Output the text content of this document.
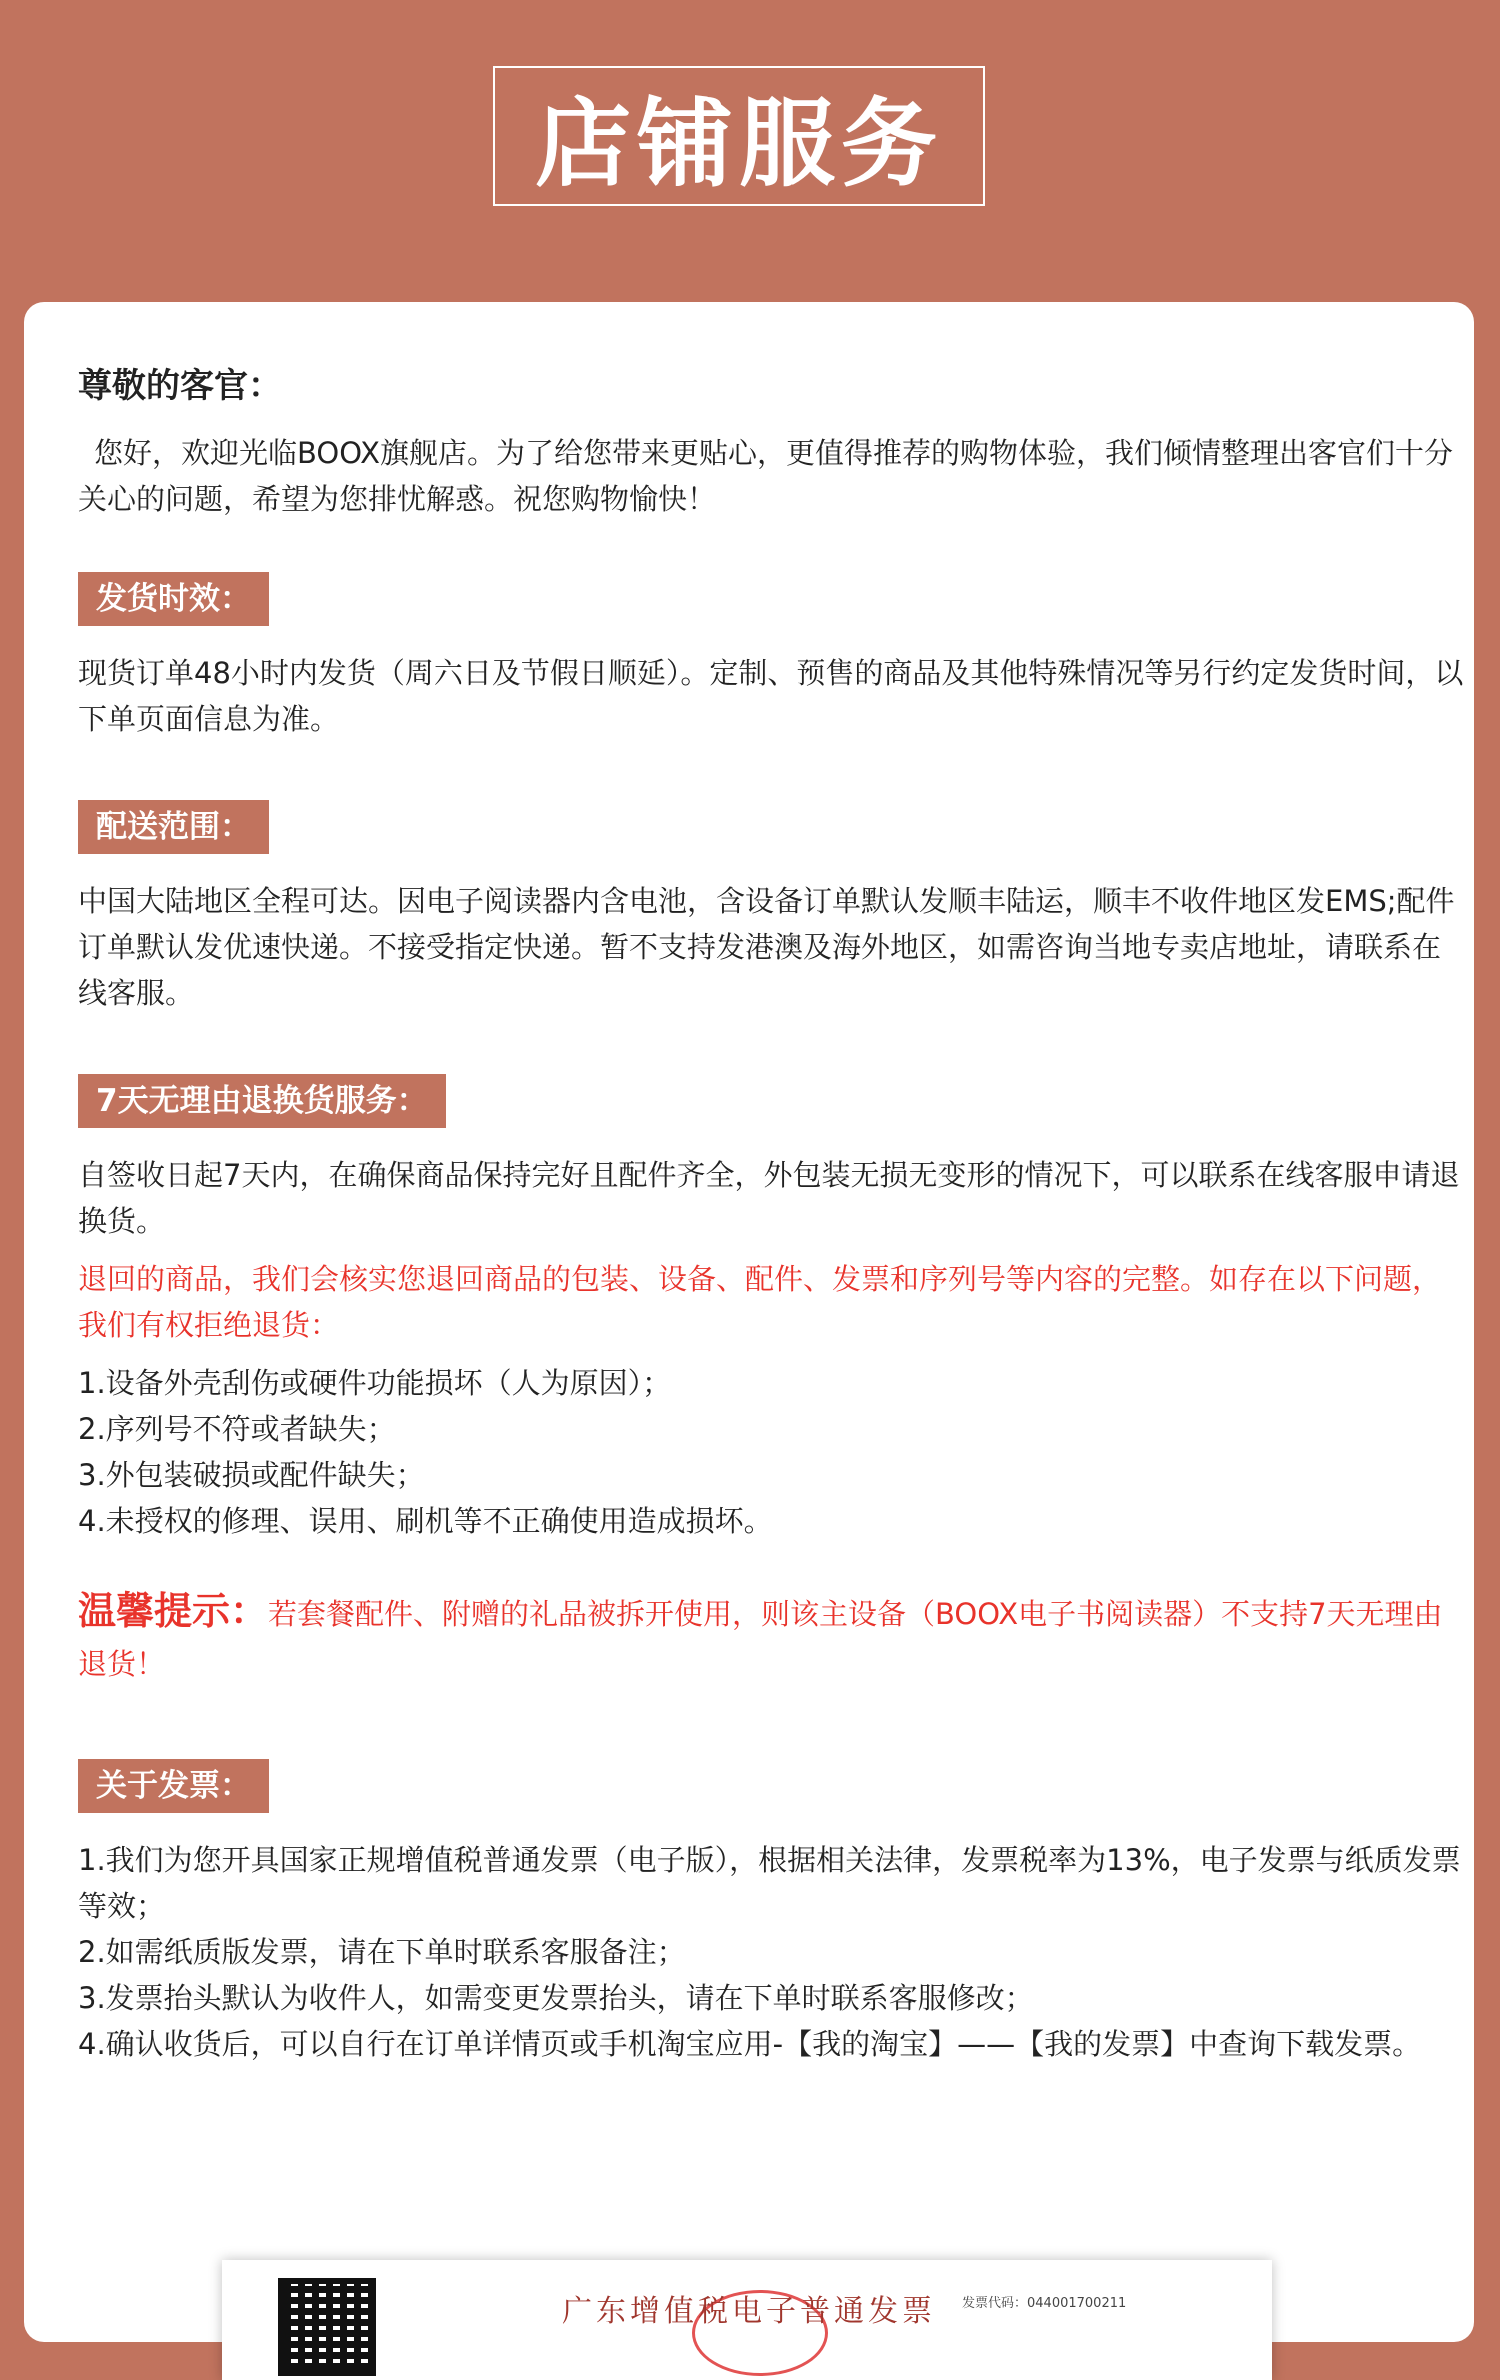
店铺服务

尊敬的客官：

您好，欢迎光临BOOX旗舰店。为了给您带来更贴心，更值得推荐的购物体验，我们倾情整理出客官们十分关心的问题，希望为您排忧解惑。祝您购物愉快！

发货时效：

现货订单48小时内发货（周六日及节假日顺延）。定制、预售的商品及其他特殊情况等另行约定发货时间，以下单页面信息为准。

配送范围：

中国大陆地区全程可达。因电子阅读器内含电池，含设备订单默认发顺丰陆运，顺丰不收件地区发EMS;配件订单默认发优速快递。不接受指定快递。暂不支持发港澳及海外地区，如需咨询当地专卖店地址，请联系在线客服。

7天无理由退换货服务：

自签收日起7天内，在确保商品保持完好且配件齐全，外包装无损无变形的情况下，可以联系在线客服申请退换货。

退回的商品，我们会核实您退回商品的包装、设备、配件、发票和序列号等内容的完整。如存在以下问题，我们有权拒绝退货：

1.设备外壳刮伤或硬件功能损坏（人为原因）；

2.序列号不符或者缺失；

3.外包装破损或配件缺失；

4.未授权的修理、误用、刷机等不正确使用造成损坏。

温馨提示：若套餐配件、附赠的礼品被拆开使用，则该主设备（BOOX电子书阅读器）不支持7天无理由退货！

关于发票：

1.我们为您开具国家正规增值税普通发票（电子版），根据相关法律，发票税率为13%，电子发票与纸质发票等效；

2.如需纸质版发票，请在下单时联系客服备注；

3.发票抬头默认为收件人，如需变更发票抬头，请在下单时联系客服修改；

4.确认收货后，可以自行在订单详情页或手机淘宝应用-【我的淘宝】——【我的发票】中查询下载发票。

广东增值税电子普通发票 发票代码：044001700211
